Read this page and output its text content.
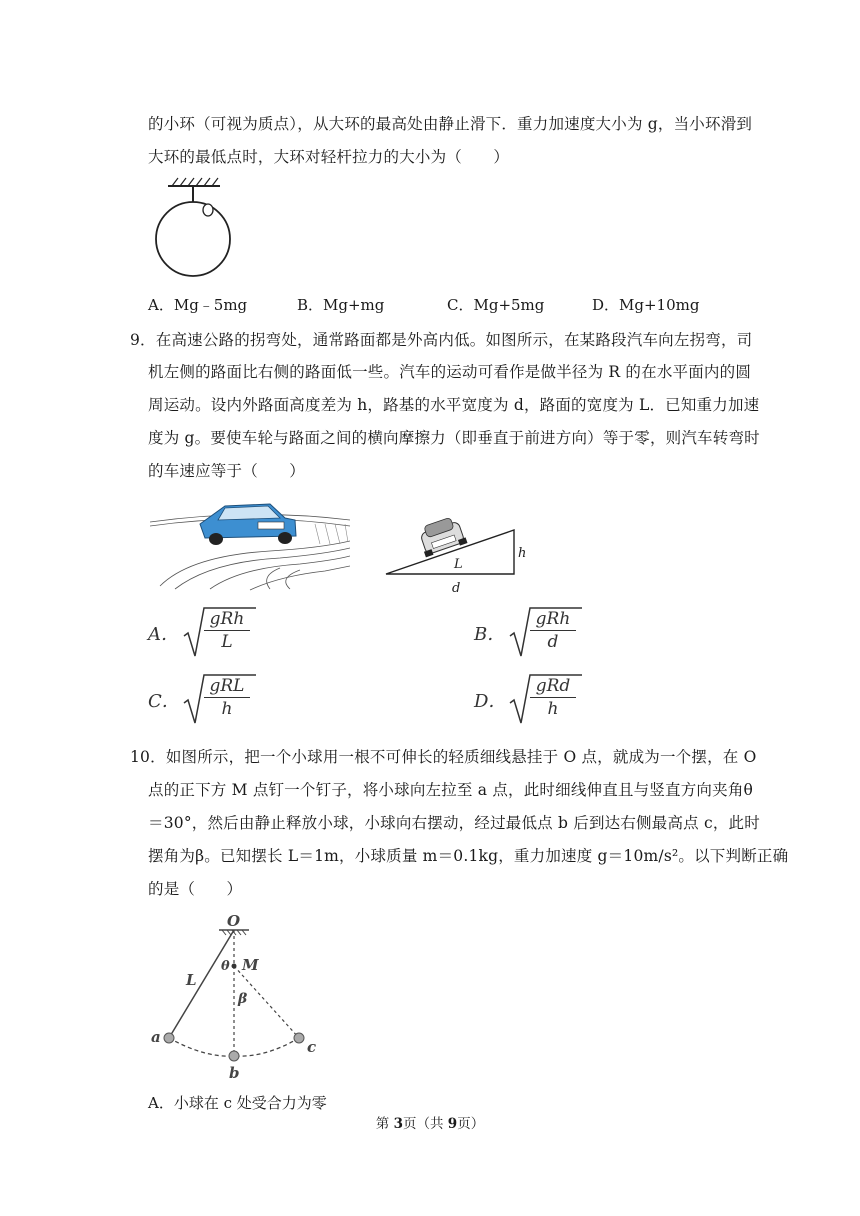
的小环（可视为质点），从大环的最高处由静止滑下．重力加速度大小为 g，当小环滑到
大环的最低点时，大环对轻杆拉力的大小为（　　）
A．Mg﹣5mg	B．Mg+mg	C．Mg+5mg	D．Mg+10mg
9．在高速公路的拐弯处，通常路面都是外高内低。如图所示，在某路段汽车向左拐弯，司
机左侧的路面比右侧的路面低一些。汽车的运动可看作是做半径为 R 的在水平面内的圆
周运动。设内外路面高度差为 h，路基的水平宽度为 d，路面的宽度为 L．已知重力加速
度为 g。要使车轮与路面之间的横向摩擦力（即垂直于前进方向）等于零，则汽车转弯时
的车速应等于（　　）
L
h
d
A．
gRh
L	B．
gRh
d
C．
gRL
h	D．
gRd
h
10．如图所示，把一个小球用一根不可伸长的轻质细线悬挂于 O 点，就成为一个摆，在 O
点的正下方 M 点钉一个钉子，将小球向左拉至 a 点，此时细线伸直且与竖直方向夹角θ
＝30°，然后由静止释放小球，小球向右摆动，经过最低点 b 后到达右侧最高点 c，此时
摆角为β。已知摆长 L＝1m，小球质量 m＝0.1kg，重力加速度 g＝10m/s²。以下判断正确
的是（　　）
O
θ M
L
β
a
b
c
A．小球在 c 处受合力为零
第 3页（共 9页）
